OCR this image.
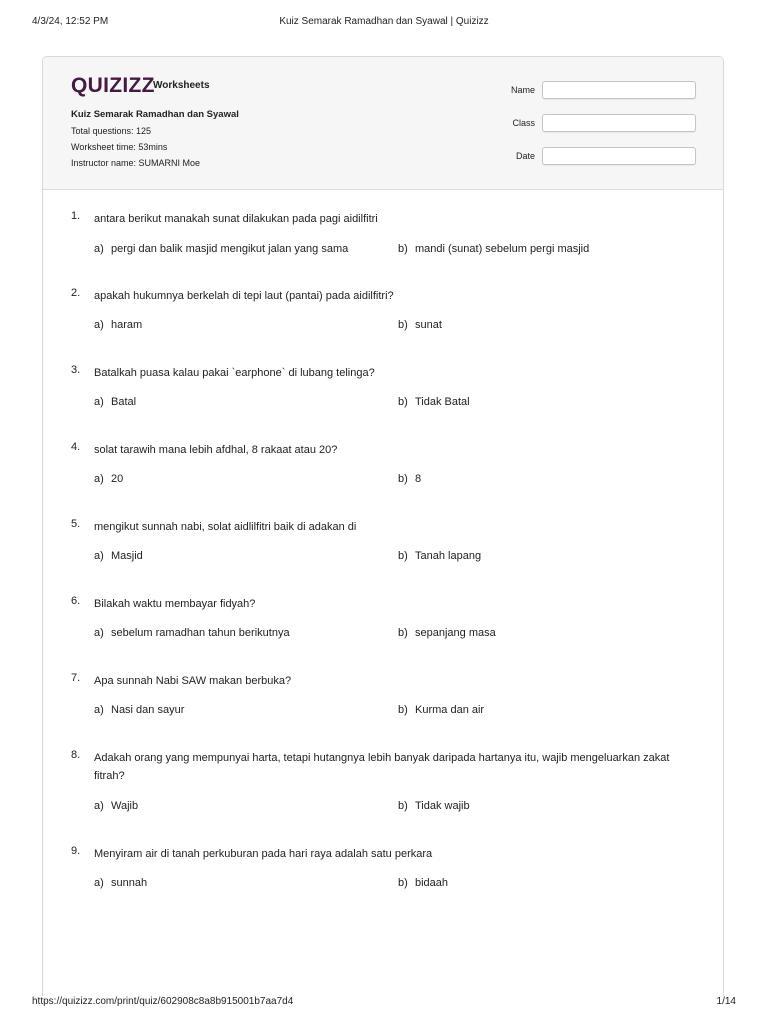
4/3/24, 12:52 PM	Kuiz Semarak Ramadhan dan Syawal | Quizizz
QUIZIZZ
Worksheets
Kuiz Semarak Ramadhan dan Syawal
Total questions: 125
Worksheet time: 53mins
Instructor name: SUMARNI Moe
Name
Class
Date
1. antara berikut manakah sunat dilakukan pada pagi aidilfitri
a) pergi dan balik masjid mengikut jalan yang sama	b) mandi (sunat) sebelum pergi masjid
2. apakah hukumnya berkelah di tepi laut (pantai) pada aidilfitri?
a) haram	b) sunat
3. Batalkah puasa kalau pakai `earphone` di lubang telinga?
a) Batal	b) Tidak Batal
4. solat tarawih mana lebih afdhal, 8 rakaat atau 20?
a) 20	b) 8
5. mengikut sunnah nabi, solat aidlilfitri baik di adakan di
a) Masjid	b) Tanah lapang
6. Bilakah waktu membayar fidyah?
a) sebelum ramadhan tahun berikutnya	b) sepanjang masa
7. Apa sunnah Nabi SAW makan berbuka?
a) Nasi dan sayur	b) Kurma dan air
8. Adakah orang yang mempunyai harta, tetapi hutangnya lebih banyak daripada hartanya itu, wajib mengeluarkan zakat fitrah?
a) Wajib	b) Tidak wajib
9. Menyiram air di tanah perkuburan pada hari raya adalah satu perkara
a) sunnah	b) bidaah
https://quizizz.com/print/quiz/602908c8a8b915001b7aa7d4	1/14
